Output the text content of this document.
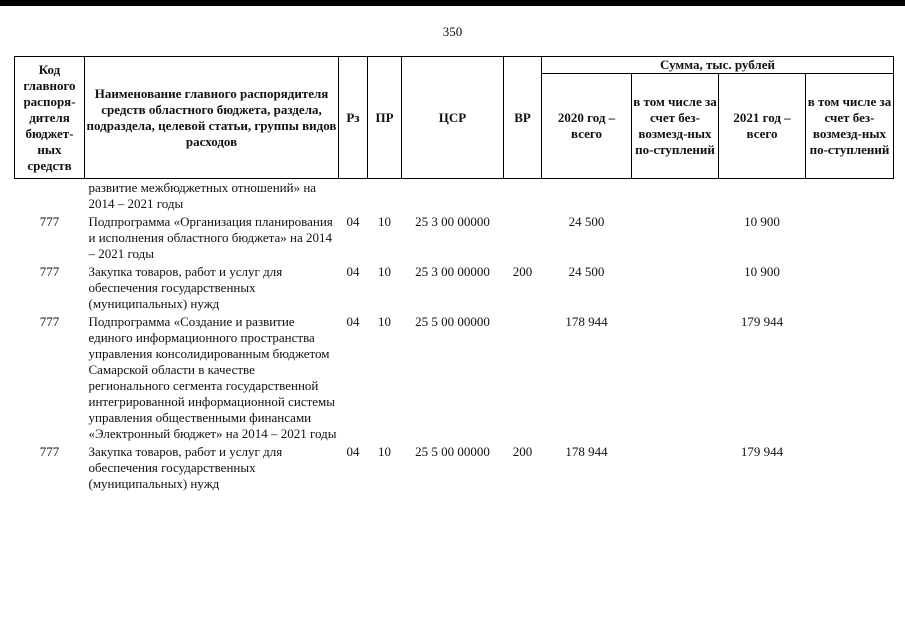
350
Код главного распоря-дителя бюджет-ных средств	Наименование главного распорядителя средств областного бюджета, раздела, подраздела, целевой статьи, группы видов расходов	Рз	ПР	ЦСР	ВР	Сумма, тыс. рублей			
						2020 год – всего	в том числе за счет без-возмезд-ных по-ступлений	2021 год – всего	в том числе за счет без-возмезд-ных по-ступлений
	развитие межбюджетных отношений» на 2014 – 2021 годы								
777	Подпрограмма «Организация планирования и исполнения областного бюджета» на 2014 – 2021 годы	04	10	25 3 00 00000		24 500		10 900	
777	Закупка товаров, работ и услуг для обеспечения государственных (муниципальных) нужд	04	10	25 3 00 00000	200	24 500		10 900	
777	Подпрограмма «Создание и развитие единого информационного пространства управления консолидированным бюджетом Самарской области в качестве регионального сегмента государственной интегрированной информационной системы управления общественными финансами «Электронный бюджет» на 2014 – 2021 годы	04	10	25 5 00 00000		178 944		179 944	
777	Закупка товаров, работ и услуг для обеспечения государственных (муниципальных) нужд	04	10	25 5 00 00000	200	178 944		179 944	
